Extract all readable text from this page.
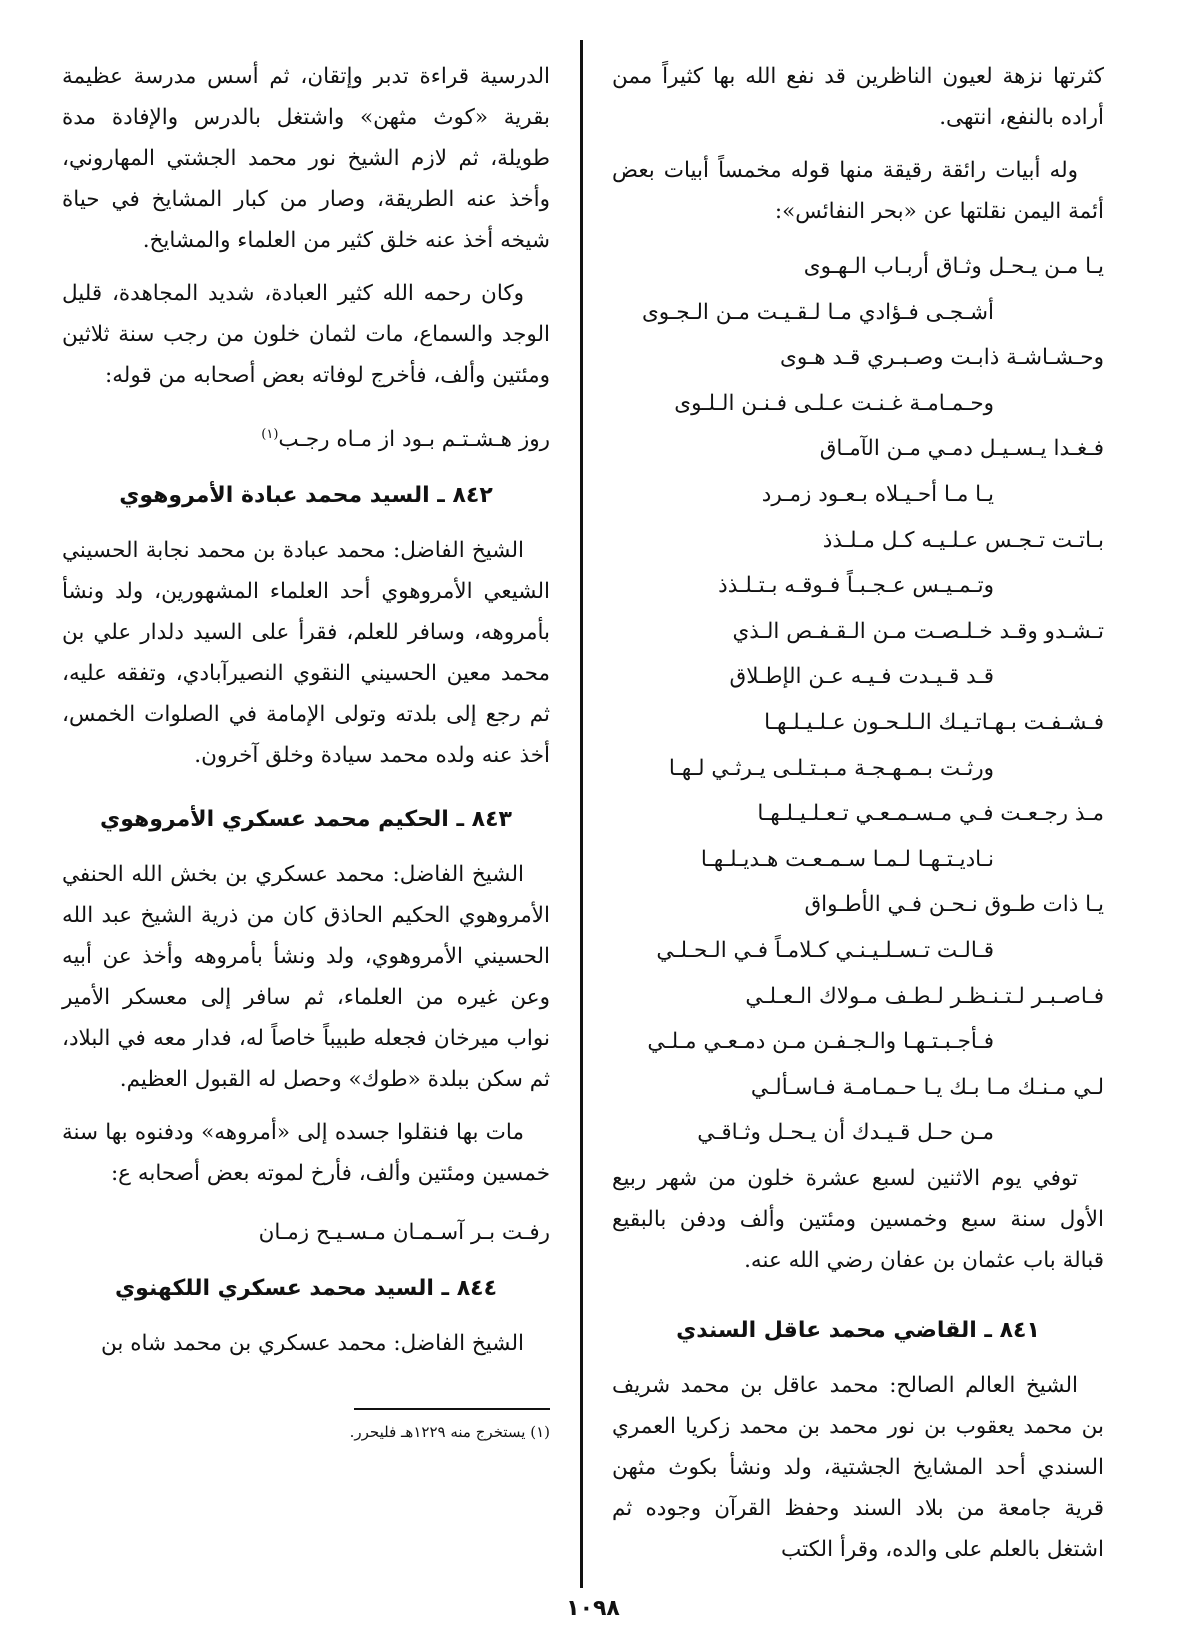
كثرتها نزهة لعيون الناظرين قد نفع الله بها كثيراً ممن أراده بالنفع، انتهى.

وله أبيات رائقة رقيقة منها قوله مخمساً أبيات بعض أئمة اليمن نقلتها عن «بحر النفائس»:

يـا مـن يـحـل وثـاق أربـاب الـهـوى
أشـجـى فـؤادي مـا لـقـيـت مـن الـجـوى
وحـشـاشـة ذابـت وصـبـري قـد هـوى
وحـمـامـة غـنـت عـلـى فـنـن الـلـوى
فـغـدا يـسـيـل دمـي مـن الآمـاق
يـا مـا أحـيـلاه بـعـود زمـرد
بـاتـت تـجـس عـلـيـه كـل مـلـذذ
وتـمـيـس عـجـبـاً فـوقـه بـتـلـذذ
تـشـدو وقـد خـلـصـت مـن الـقـفـص الـذي
قـد قـيـدت فـيـه عـن الإطـلاق
فـشـفـت بـهـاتـيـك الـلـحـون عـلـيـلـهـا
ورثـت بـمـهـجـة مـبـتـلـى يـرثـي لـهـا
مـذ رجـعـت فـي مـسـمـعـي تـعـلـيـلـهـا
نـاديـتـهـا لـمـا سـمـعـت هـديـلـهـا
يـا ذات طـوق نـحـن فـي الأطـواق
قـالـت تـسـلـيـنـي كـلامـاً فـي الـحـلـي
فـاصـبـر لـتـنـظـر لـطـف مـولاك الـعـلـي
فـأجـبـتـهـا والـجـفـن مـن دمـعـي مـلـي
لـي مـنـك مـا بـك يـا حـمـامـة فـاسـألـي
مـن حـل قـيـدك أن يـحـل وثـاقـي

توفي يوم الاثنين لسبع عشرة خلون من شهر ربيع الأول سنة سبع وخمسين ومئتين وألف ودفن بالبقيع قبالة باب عثمان بن عفان رضي الله عنه.

٨٤١ ـ القاضي محمد عاقل السندي

الشيخ العالم الصالح: محمد عاقل بن محمد شريف بن محمد يعقوب بن نور محمد بن محمد زكريا العمري السندي أحد المشايخ الجشتية، ولد ونشأ بكوث مثهن قرية جامعة من بلاد السند وحفظ القرآن وجوده ثم اشتغل بالعلم على والده، وقرأ الكتب

الدرسية قراءة تدبر وإتقان، ثم أسس مدرسة عظيمة بقرية «كوث مثهن» واشتغل بالدرس والإفادة مدة طويلة، ثم لازم الشيخ نور محمد الجشتي المهاروني، وأخذ عنه الطريقة، وصار من كبار المشايخ في حياة شيخه أخذ عنه خلق كثير من العلماء والمشايخ.

وكان رحمه الله كثير العبادة، شديد المجاهدة، قليل الوجد والسماع، مات لثمان خلون من رجب سنة ثلاثين ومئتين وألف، فأخرج لوفاته بعض أصحابه من قوله:

روز هـشـتـم بـود از مـاه رجـب$^{(١)}$

٨٤٢ ـ السيد محمد عبادة الأمروهوي

الشيخ الفاضل: محمد عبادة بن محمد نجابة الحسيني الشيعي الأمروهوي أحد العلماء المشهورين، ولد ونشأ بأمروهه، وسافر للعلم، فقرأ على السيد دلدار علي بن محمد معين الحسيني النقوي النصيرآبادي، وتفقه عليه، ثم رجع إلى بلدته وتولى الإمامة في الصلوات الخمس، أخذ عنه ولده محمد سيادة وخلق آخرون.

٨٤٣ ـ الحكيم محمد عسكري الأمروهوي

الشيخ الفاضل: محمد عسكري بن بخش الله الحنفي الأمروهوي الحكيم الحاذق كان من ذرية الشيخ عبد الله الحسيني الأمروهوي، ولد ونشأ بأمروهه وأخذ عن أبيه وعن غيره من العلماء، ثم سافر إلى معسكر الأمير نواب ميرخان فجعله طبيباً خاصاً له، فدار معه في البلاد، ثم سكن ببلدة «طوك» وحصل له القبول العظيم.

مات بها فنقلوا جسده إلى «أمروهه» ودفنوه بها سنة خمسين ومئتين وألف، فأرخ لموته بعض أصحابه ع:

رفـت بـر آسـمـان مـسـيـح زمـان

٨٤٤ ـ السيد محمد عسكري اللكهنوي

الشيخ الفاضل: محمد عسكري بن محمد شاه بن

(١) يستخرج منه ١٢٢٩هـ فليحرر.

١٠٩٨
